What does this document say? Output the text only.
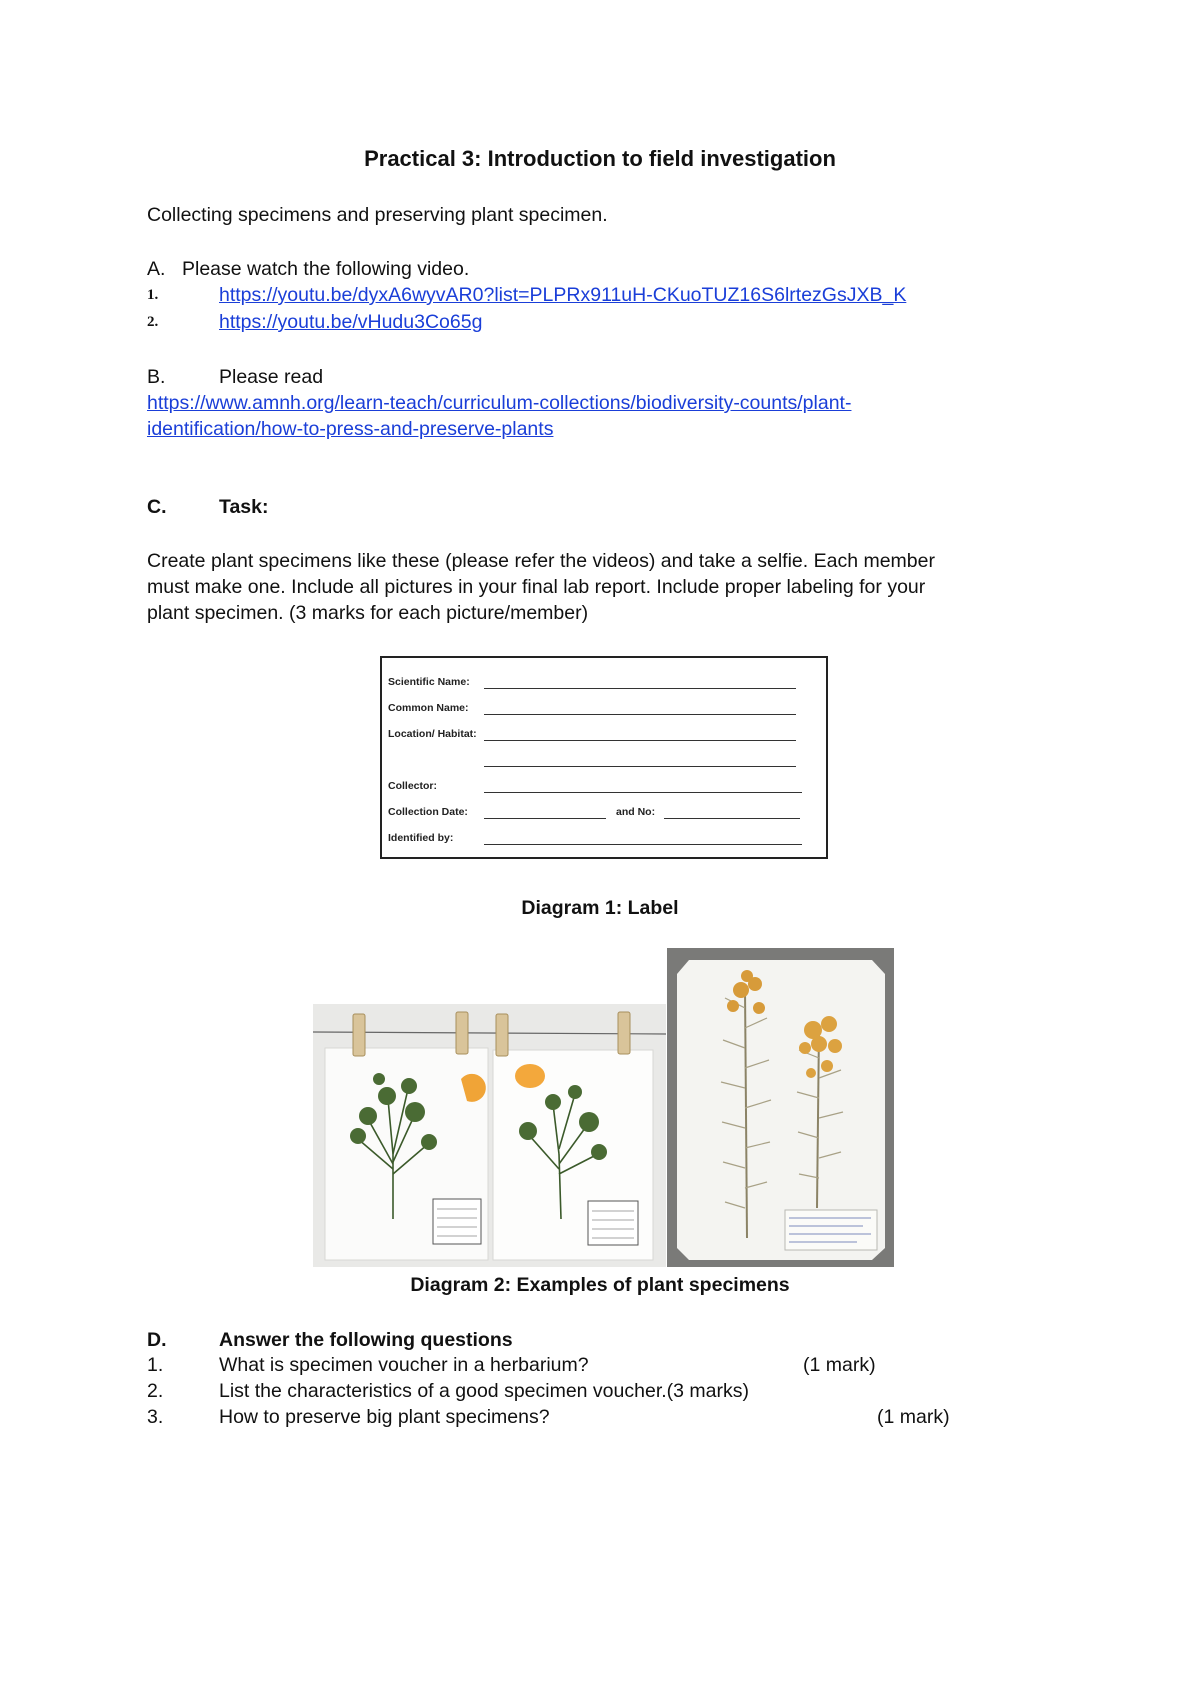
Practical 3: Introduction to field investigation
Collecting specimens and preserving plant specimen.
A. Please watch the following video.
1.	https://youtu.be/dyxA6wyvAR0?list=PLPRx911uH-CKuoTUZ16S6lrtezGsJXB_K
2.	https://youtu.be/vHudu3Co65g
B.	Please read
https://www.amnh.org/learn-teach/curriculum-collections/biodiversity-counts/plant-
identification/how-to-press-and-preserve-plants
C.	Task:
Create plant specimens like these (please refer the videos) and take a selfie. Each member
must make one. Include all pictures in your final lab report. Include proper labeling for your
plant specimen. (3 marks for each picture/member)
Scientific Name:
Common Name:
Location/ Habitat:
Collector:
Collection Date:	and No:
Identified by:
Diagram 1: Label
Diagram 2: Examples of plant specimens
D.	Answer the following questions
1.	What is specimen voucher in a herbarium?	(1 mark)
2.	List the characteristics of a good specimen voucher.(3 marks)
3.	How to preserve big plant specimens?	(1 mark)
